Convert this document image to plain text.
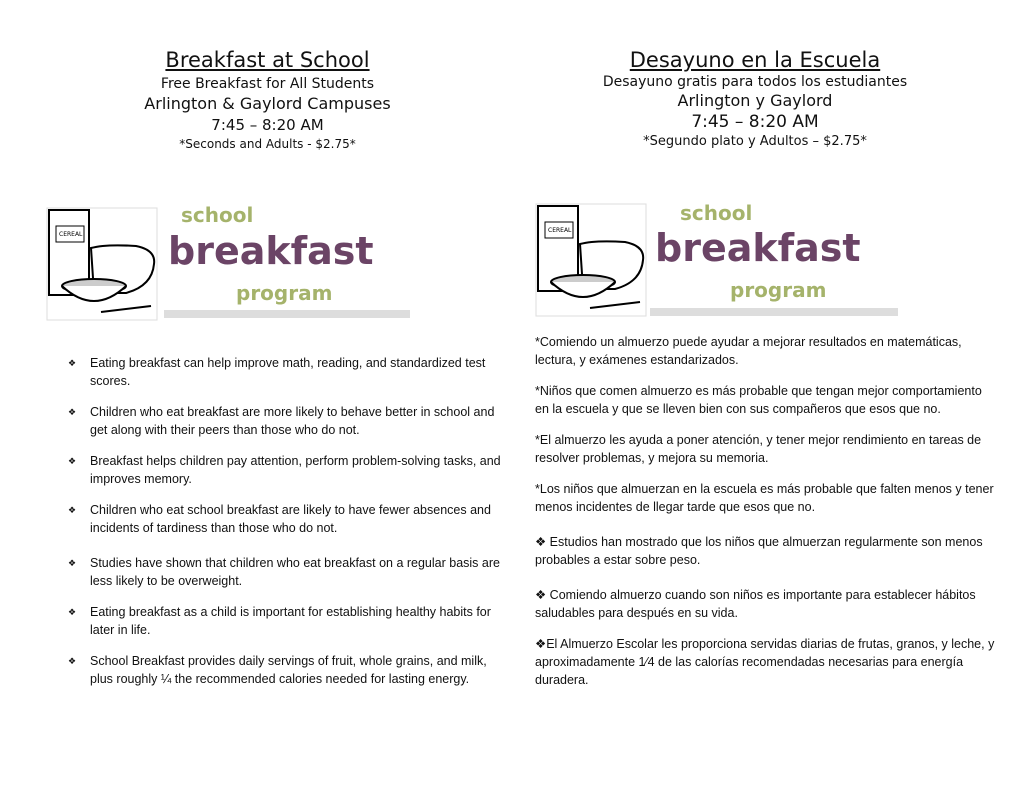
Breakfast at School
Free Breakfast for All Students
Arlington & Gaylord Campuses
7:45 – 8:20 AM
*Seconds and Adults - $2.75*
Desayuno en la Escuela
Desayuno gratis para todos los estudiantes
Arlington y Gaylord
7:45 – 8:20 AM
*Segundo plato y Adultos – $2.75*
CEREAL
school
breakfast
program
CEREAL
school
breakfast
program
❖	Eating breakfast can help improve math, reading, and standardized test scores.
❖	Children who eat breakfast are more likely to behave better in school and get along with their peers than those who do not.
❖	Breakfast helps children pay attention, perform problem-solving tasks, and improves memory.
❖	Children who eat school breakfast are likely to have fewer absences and incidents of tardiness than those who do not.
❖	Studies have shown that children who eat breakfast on a regular basis are less likely to be overweight.
❖	Eating breakfast as a child is important for establishing healthy habits for later in life.
❖	School Breakfast provides daily servings of fruit, whole grains, and milk, plus roughly ¼ the recommended calories needed for lasting energy.
*Comiendo un almuerzo puede ayudar a mejorar resultados en matemáticas, lectura, y exámenes estandarizados.
*Niños que comen almuerzo es más probable que tengan mejor comportamiento en la escuela y que se lleven bien con sus compañeros que esos que no.
*El almuerzo les ayuda a poner atención, y tener mejor rendimiento en tareas de resolver problemas, y mejora su memoria.
*Los niños que almuerzan en la escuela es más probable que falten menos y tener menos incidentes de llegar tarde que esos que no.
❖ Estudios han mostrado que los niños que almuerzan regularmente son menos probables a estar sobre peso.
❖ Comiendo almuerzo cuando son niños es importante para establecer hábitos saludables para después en su vida.
❖El Almuerzo Escolar les proporciona servidas diarias de frutas, granos, y leche, y aproximadamente 1⁄4 de las calorías recomendadas necesarias para energía duradera.
